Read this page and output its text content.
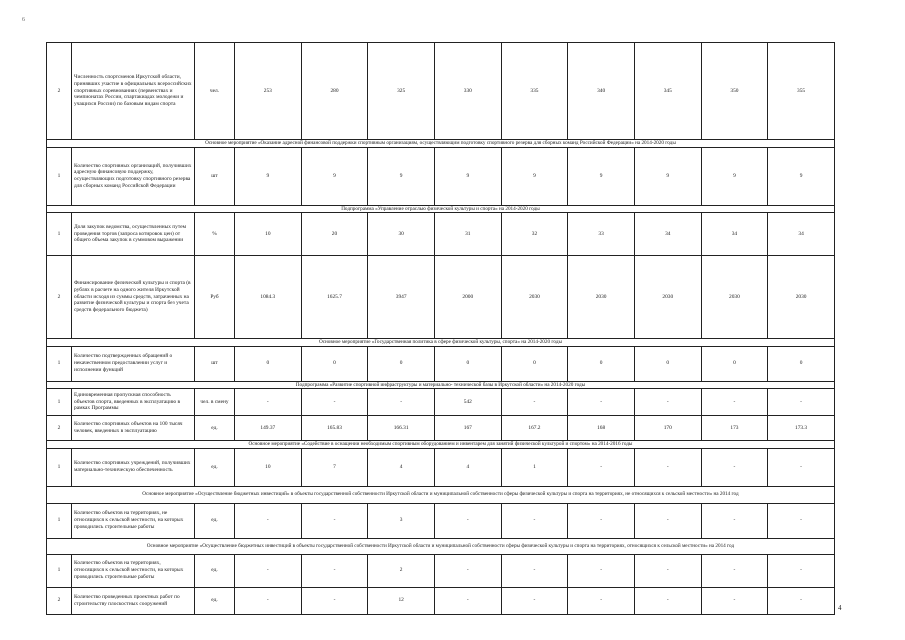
6
2	Численность спортсменов Иркутской области, принявших участие в официальных всероссийских спортивных соревнованиях (первенствах и чемпионатах России, спартакиадах молодежи и учащихся России) по базовым видам спорта	чел.	253	280	325	330	335	340	345	350	355
Основное мероприятие «Оказание адресной финансовой поддержки спортивным организациям, осуществляющим подготовку спортивного резерва для сборных команд Российской Федерации» на 2014-2020 годы											
1	Количество спортивных организаций, получивших адресную финансовую поддержку, осуществляющих подготовку спортивного резерва для сборных команд Российской Федерации	шт	9	9	9	9	9	9	9	9	9
Подпрограмма «Управление отраслью физической культуры и спорта» на 2014-2020 годы											
1	Доля закупок ведомства, осуществленных путем проведения торгов (запроса котировок цен) от общего объема закупок в суммовом выражении	%	10	20	30	31	32	33	34	34	34
2	Финансирование физической культуры и спорта (в рублях в расчете на одного жителя Иркутской области исходя из суммы средств, затраченных на развитие физической культуры и спорта без учета средств федерального бюджета)	Руб	1084.3	1625.7	3947	2000	2030	2030	2030	2030	2030
Основное мероприятие «Государственная политика в сфере физической культуры, спорта» на 2014-2020 годы											
1	Количество подтвержденных обращений о некачественном предоставлении услуг и исполнении функций	шт	0	0	0	0	0	0	0	0	0
Подпрограмма «Развитие спортивной инфраструктуры и материально- технической базы в Иркутской области» на 2014-2020 годы											
1	Единовременная пропускная способность объектов спорта, введенных в эксплуатацию в рамках Программы	чел. в смену	-	-	-	542	-	-	-	-	-
2	Количество спортивных объектов на 100 тысяч человек, введенных в эксплуатацию	ед.	149.37	165.83	166.31	167	167.2	168	170	173	173.3
Основное мероприятие «Содействие в оснащении необходимым спортивным оборудованием и инвентарем для занятий физической культурой и спортом» на 2014-2016 годы											
1	Количество спортивных учреждений, получивших материально-техническую обеспеченность	ед.	10	7	4	4	1	-	-	-	-
Основное мероприятие «Осуществление бюджетных инвестиций» в объекты государственной собственности Иркутской области и муниципальной собственности сферы физической культуры и спорта на территориях, не относящихся к сельской местности» на 2014 год											
1	Количество объектов на территориях, не относящихся к сельской местности, на которых проводились строительные работы	ед.	-	-	3	-	-	-	-	-	-
Основное мероприятие «Осуществление бюджетных инвестиций в объекты государственной собственности Иркутской области и муниципальной собственности сферы физической культуры и спорта на территориях, относящихся к сельской местности» на 2014 год											
1	Количество объектов на территориях, относящихся к сельской местности, на которых проводились строительные работы	ед.	-	-	2	-	-	-	-	-	-
2	Количество проведенных проектных работ по строительству плоскостных сооружений	ед.	-	-	12	-	-	-	-	-	-
4
